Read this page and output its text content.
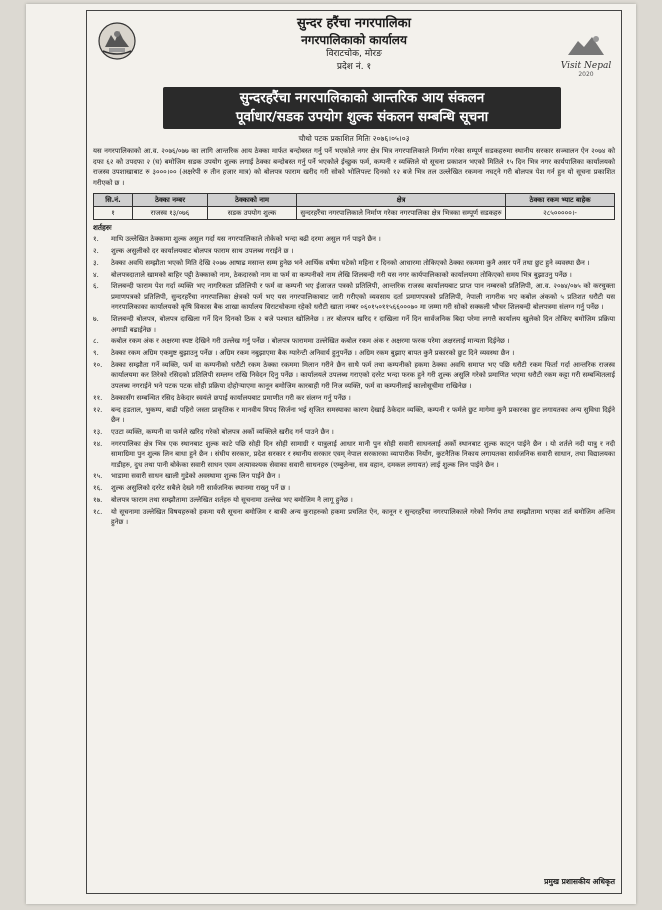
सुन्दर हरैंचा नगरपालिका
नगरपालिकाको कार्यालय
विराटचोक, मोरङ
प्रदेश नं. १	Visit Nepal
2020
सुन्दरहरैंचा नगरपालिकाको आन्तरिक आय संकलन
पूर्वाधार/सडक उपयोग शुल्क संकलन सम्बन्धि सूचना
चौथो पटक प्रकाशित मितिः २०७६।०५।०३
यस नगरपालिकाको आ.व. २०७६/०७७ का लागि आन्तरिक आय ठेक्का मार्फत बन्दोबस्त गर्नु पर्ने भएकोले नगर क्षेत्र भित्र नगरपालिकाले निर्माण गरेका सम्पूर्ण सडकहरुमा स्थानीय सरकार सञ्चालन ऐन २०७४ को दफा ६२ को उपदफा २ (घ) बमोजिम सडक उपयोग शुल्क लगाई ठेक्का बन्दोबस्त गर्नु पर्ने भएकोले ईच्छुक फर्म, कम्पनी र व्यक्तिले यो सूचना प्रकाशन भएको मितिले १५ दिन भित्र नगर कार्यपालिका कार्यालयको राजस्व उपशाखाबाट रु ३०००।०० (अक्षरेपी रु तीन हजार मात्र) को बोलपत्र फाराम खरीद गरी सोको भोलिपल्ट दिनको १२ बजे भित्र तल उल्लेखित रकमना नघट्ने गरी बोलपत्र पेश गर्न हुन यो सूचना प्रकाशित गरीएको छ ।
सि.नं.	ठेक्का नम्बर	ठेक्काको नाम	क्षेत्र	ठेक्का रकम भ्याट बाहेक
१	राजस्व १३/०७६	सडक उपयोग शुल्क	सुन्दरहरैंचा नगरपालिकाले निर्माण गरेका नगरपालिका क्षेत्र भित्रका सम्पूर्ण सडकहरु	२८५०००००।-
शर्तहरुः
१.	माथि उल्लेखित ठेक्कामा शुल्क असुल गर्दा यस नगरपालिकाले तोकेको भन्दा बढी दरमा असुल गर्न पाइने छैन ।
२.	शुल्क असुलीको दर कार्यालयबाट बोलपत्र फाराम साथ उपलब्ध गराईने छ ।
३.	ठेक्का अवधि सम्झौता भएको मिति देखि २०७७ आषाढ मसान्त सम्म हुनेछ भने आर्थिक वर्षमा घटेको महिना र दिनको आधारमा तोकिएको ठेक्का रकममा कुनै असर पर्ने तथा छुट हुने व्यवस्था छैन ।
४.	बोलपत्रदाताले खामको बाहिर पट्टी ठेक्काको नाम, ठेकदारको नाम वा फर्म वा कम्पनीको नाम लेखि शिलबन्दी गरी यस नगर कार्यपालिकाको कार्यालयमा तोकिएको समय भित्र बुझाउनु पर्नेछ ।
६.	शिलबन्दी फाराम पेश गर्दा व्यक्ति भए नागरिकता प्रतिलिपी र फर्म वा कम्पनी भए ईजाजत पत्रको प्रतिलिपी, आन्तरिक राजस्व कार्यालयबाट प्राप्त पान नम्बरको प्रतिलिपी, आ.व. २०७४/०७५ को करचुक्ता प्रमाणपत्रको प्रतिलिपी, सुन्दरहरैंचा नगरपालिका क्षेत्रको फर्म भए यस नगरपालिकाबाट जारी गरीएको व्यवसाय दर्ता प्रमाणपत्रको प्रतिलिपी, नेपाली नागरीक भए कबोल अंकको ५ प्रतिशत धरौटी यस नगरपालिकाका कार्यालयको कृषि विकास बैक शाखा कार्यालय विराटचोकमा रहेको धरौटी खाता नम्बर ०६०१५०११५६६०००७० मा जम्मा गरी सोको सक्कली भौचर शिलबन्दी बोलपत्रमा संलग्न गर्नु पर्नेछ ।
७.	शिलबन्दी बोलपत्र, बोलपत्र दाखिला गर्ने दिन दिनको ठिक २ बजे पश्चात खोलिनेछ । तर बोलपत्र खरिद र दाखिला गर्ने दिन सार्वजनिक बिदा परेमा लगत्तै कार्यालय खुलेको दिन तोकिए बमोजिम प्रक्रिया अगाडी बढाईनेछ ।
८.	कबोल रकम अंक र अक्षरमा स्पष्ट देखिने गरी उल्लेख गर्नु पर्नेछ । बोलपत्र फाराममा उल्लेखित कबोल रकम अंक र अक्षरमा फरक परेमा अक्षरलाई मान्यता दिईनेछ ।
९.	ठेक्का रकम अग्रिम एकमुष्ट बुझाउनु पर्नेछ । अग्रिम रकम नबुझाएमा बैक ग्यारेन्टी अनिवार्य हुनुपर्नेछ । अग्रिम रकम बुझाए बापत कुनै प्रकारको छुट दिने व्यवस्था छैन ।
१०.	ठेक्का सम्झौता गर्ने व्यक्ति, फर्म वा कम्पनीको धरौटी रकम ठेक्का रकममा मिलान गरीने छैन साथै फर्म तथा कम्पनीको हकमा ठेक्का अवधि समाप्त भए पछि धरौटी रकम फिर्ता गर्दा आन्तरिक राजस्व कार्यालयमा कर तिरेको रसिदको प्रतिलिपी सम्लग्न राखि निवेदन दिनु पर्नेछ । कार्यालयले उपलब्ध गराएको दररेट भन्दा फरक हुने गरी शुल्क असुलि गरेको प्रमाणित भएमा धरौटी रकम कट्टा गरी सम्बन्धितलाई उपलब्ध नगराईने भने पटक पटक सोही प्रक्रिया दोहोऱ्याएमा कानून बमोजिम कारबाही गरी निज व्यक्ति, फर्म वा कम्पनीलाई कालोसूचीमा राखिनेछ ।
११.	ठेक्कासँग सम्बन्धित रसिद ठेकेदार स्वयंले छपाई कार्यालयबाट प्रमाणीत गरी कर संलग्न गर्नु पर्नेछ ।
१२.	बन्द हडताल, भुकम्प, बाढी पहिरो जस्ता प्राकृतिक र मानवीय विपद सिर्जना भई सृजित समस्याका कारण देखाई ठेकेदार व्यक्ति, कम्पनी र फर्मले छुट मागेमा कुनै प्रकारका छुट लगायतका अन्य सुविधा दिईने छैन ।
१३.	एउटा व्यक्ति, कम्पनी वा फर्मले खरिद गरेको बोलपत्र अर्को व्यक्तिले खरीद गर्न पाउने छैन ।
१४.	नगरपालिका क्षेत्र भित्र एक स्थानबाट शुल्क काटे पछि सोही दिन सोही सामाग्री र यात्रुलाई आधार मानी पुन सोही सवारी साधनलाई अर्को स्थानबाट शुल्क काट्न पाईने छैन । यो शर्तले नदी यात्रु र नदी सामाग्रिमा पुन शुल्क लिन बाधा हुने छैन । संघीय सरकार, प्रदेश सरकार र स्थानीय सरकार एवम् नेपाल सरकारका व्यापारीक निर्योग, कुटनैतिक निकाय लगायतका सार्वजनिक सवारी साधान, तथा विद्यालयका गाडीहरु, दुध तथा पानी बोकेका सवारी साधन एवम अत्यावश्यक सेवाका सवारी साधनहरु (एम्बुलेन्स, सव वहान, दमकल लगायत) लाई शुल्क लिन पाईने छैन ।
१५.	भाडामा सवारी साधन खाली गुडेको अवस्थामा शुल्क लिन पाईने छैन ।
१६.	शुल्क असुलिको दररेट सबैले देख्ने गरी सार्वजनिक स्थानमा राख्नु पर्ने छ ।
१७.	बोलपत्र फाराम तथा सम्झौतामा उल्लेखित शर्तहरु यो सूचनामा उल्लेख भए बमोजिम नै लागू हुनेछ ।
१८.	यो सूचनामा उल्लेखित विषयहरुको हकमा यसै सूचना बमोजिम र बाकी अन्य कुराहरुको हकमा प्रचलित ऐन, कानून र सुन्दरहरैंचा नगरपालिकाले गरेको निर्णय तथा सम्झौतामा भएका शर्त बमोजिम अन्तिम हुनेछ ।
प्रमुख प्रशासकीय अधिकृत
